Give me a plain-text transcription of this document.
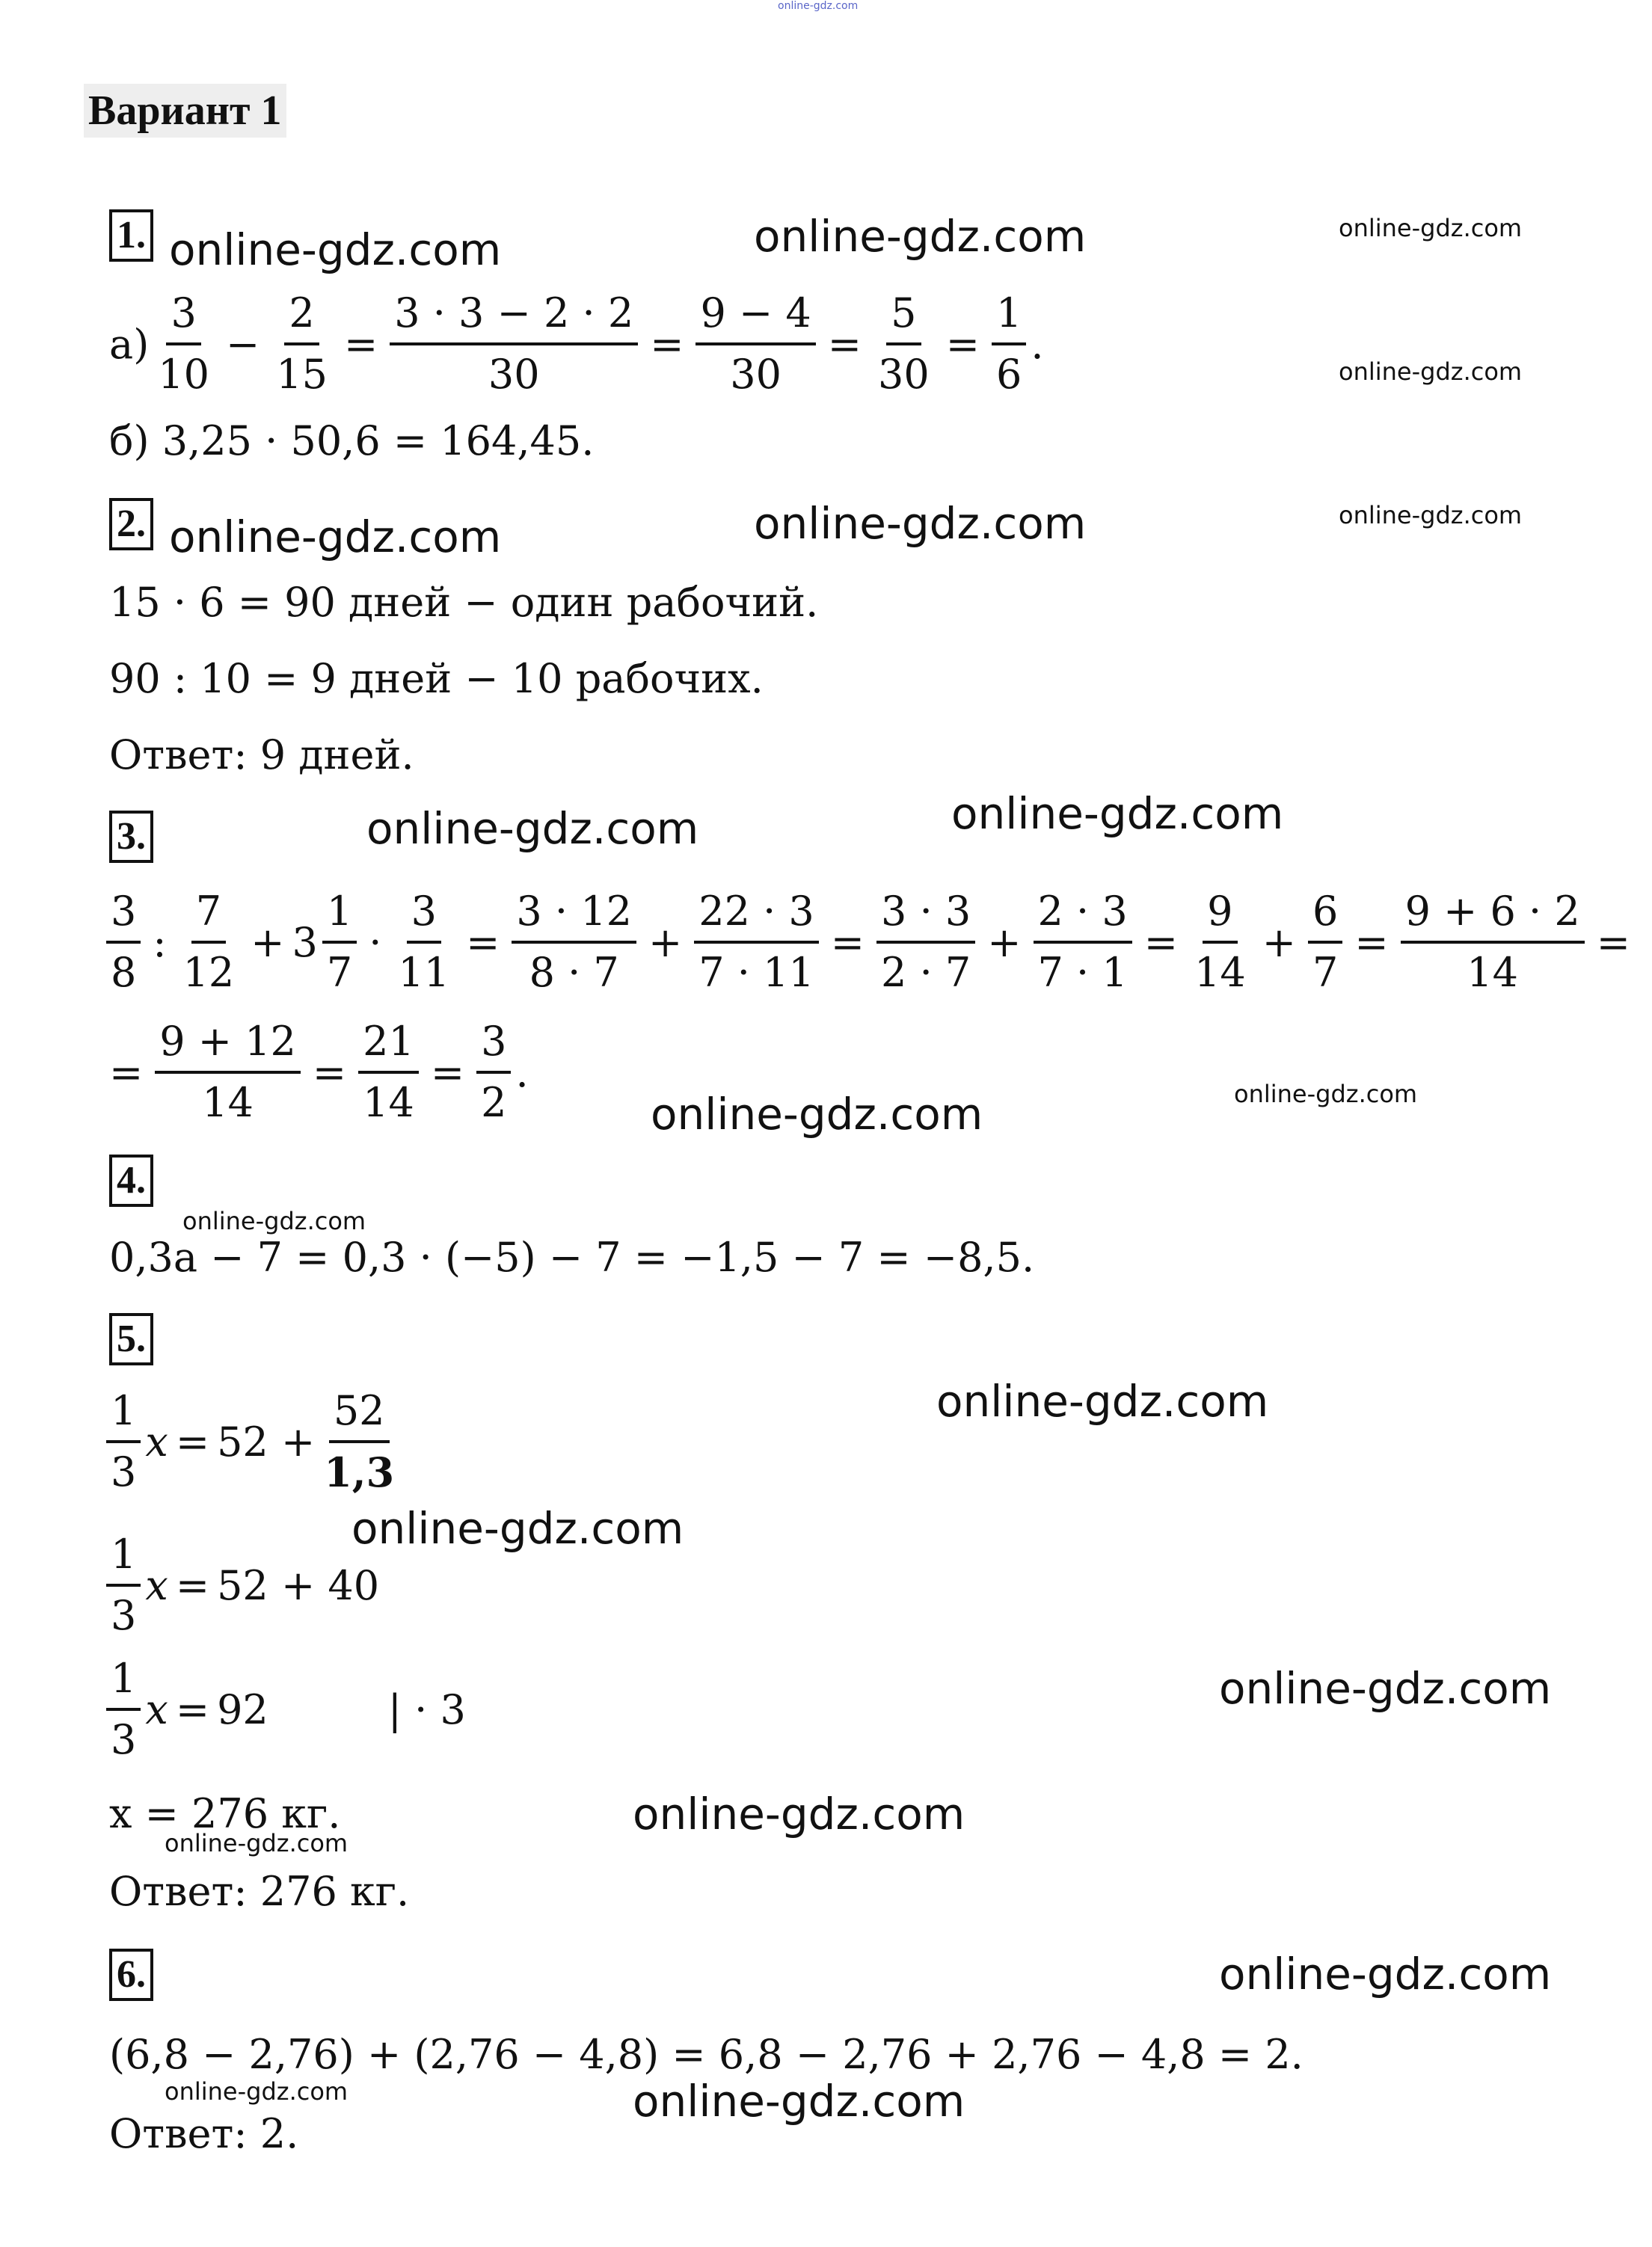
online-gdz.com
Вариант 1
1.
$а) \frac{3}{10} - \frac{2}{15} = \frac{3 \cdot 3 - 2 \cdot 2}{30} = \frac{9 - 4}{30} = \frac{5}{30} = \frac{1}{6}$ .
б) 3,25 · 50,6 = 164,45.
2.
15 · 6 = 90 дней − один рабочий.
90 : 10 = 9 дней − 10 рабочих.
Ответ: 9 дней.
3.
$\frac{3}{8}$ : $\frac{7}{12} + 3 \frac{1}{7} \cdot \frac{3}{11} = \frac{3 \cdot 12}{8 \cdot 7} + \frac{22 \cdot 3}{7 \cdot 11} = \frac{3 \cdot 3}{2 \cdot 7} + \frac{2 \cdot 3}{7 \cdot 1} = \frac{9}{14} + \frac{6}{7} = \frac{9 + 6 \cdot 2}{14}$ =
= $\frac{9 + 12}{14} = \frac{21}{14} = \frac{3}{2}$ .
4.
0,3a − 7 = 0,3 · (−5) − 7 = −1,5 − 7 = −8,5.
5.
$\frac{1}{3}$ $x = 52 + \frac{52}{1,3}$
$\frac{1}{3}$ x = 52 + 40
$\frac{1}{3}$ x = 92	| · 3
x = 276 кг.
Ответ: 276 кг.
6.
(6,8 − 2,76) + (2,76 − 4,8) = 6,8 − 2,76 + 2,76 − 4,8 = 2.
Ответ: 2.
online-gdz.com	online-gdz.com	online-gdz.com
online-gdz.com
online-gdz.com	online-gdz.com	online-gdz.com
online-gdz.com	online-gdz.com
online-gdz.com
online-gdz.com
online-gdz.com
online-gdz.com
online-gdz.com
online-gdz.com
online-gdz.com
online-gdz.com
online-gdz.com
online-gdz.com
online-gdz.com
